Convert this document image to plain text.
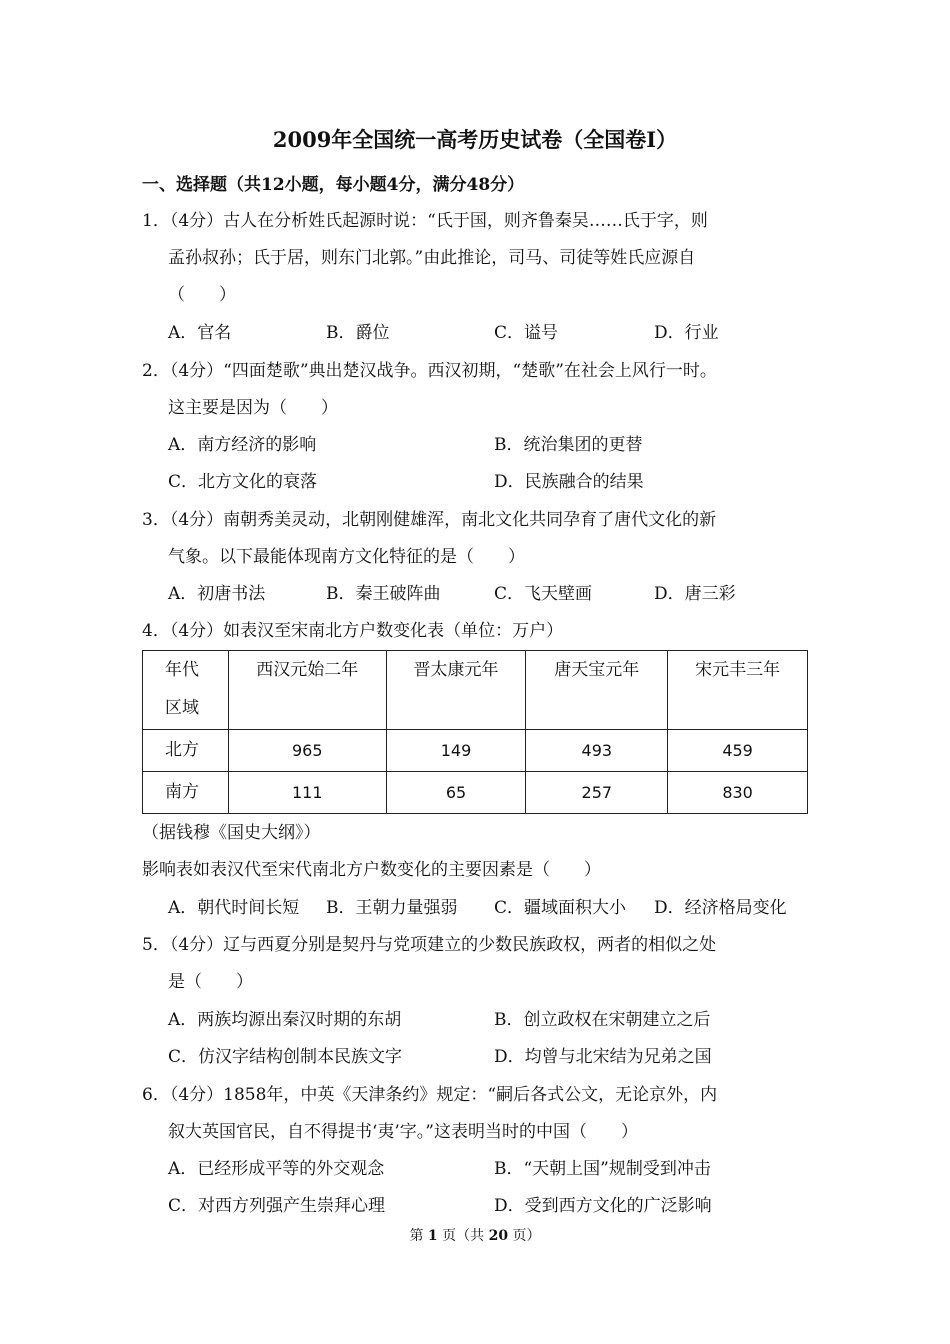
2009年全国统一高考历史试卷（全国卷I）
一、选择题（共12小题，每小题4分，满分48分）
1．（4分）古人在分析姓氏起源时说：“氏于国，则齐鲁秦吴……氏于字，则
孟孙叔孙；氏于居，则东门北郭。”由此推论，司马、司徒等姓氏应源自
（　　）
A．官名	B．爵位	C．谥号	D．行业
2．（4分）“四面楚歌”典出楚汉战争。西汉初期，“楚歌”在社会上风行一时。
这主要是因为（　　）
A．南方经济的影响	B．统治集团的更替
C．北方文化的衰落	D．民族融合的结果
3．（4分）南朝秀美灵动，北朝刚健雄浑，南北文化共同孕育了唐代文化的新
气象。以下最能体现南方文化特征的是（　　）
A．初唐书法	B．秦王破阵曲	C．飞天壁画	D．唐三彩
4．（4分）如表汉至宋南北方户数变化表（单位：万户）
年代
区域	西汉元始二年	晋太康元年	唐天宝元年	宋元丰三年
北方	965	149	493	459
南方	111	65	257	830
（据钱穆《国史大纲》）
影响表如表汉代至宋代南北方户数变化的主要因素是（　　）
A．朝代时间长短 B．王朝力量强弱 C．疆域面积大小 D．经济格局变化
5．（4分）辽与西夏分别是契丹与党项建立的少数民族政权，两者的相似之处
是（　　）
A．两族均源出秦汉时期的东胡	B．创立政权在宋朝建立之后
C．仿汉字结构创制本民族文字	D．均曾与北宋结为兄弟之国
6．（4分）1858年，中英《天津条约》规定：“嗣后各式公文，无论京外，内
叙大英国官民，自不得提书‘夷’字。”这表明当时的中国（　　）
A．已经形成平等的外交观念	B．“天朝上国”规制受到冲击
C．对西方列强产生崇拜心理	D．受到西方文化的广泛影响
第 1 页（共 20 页）
